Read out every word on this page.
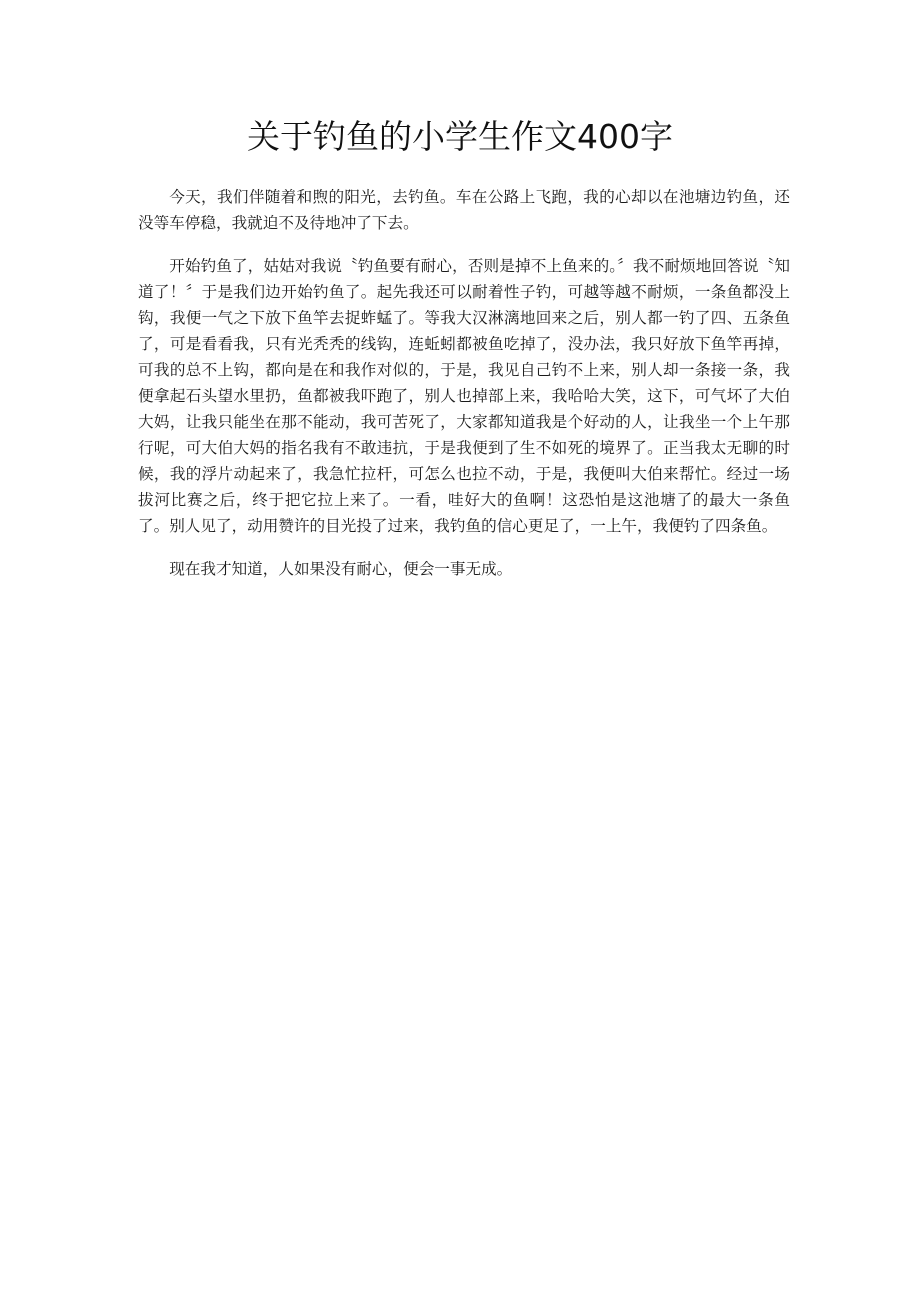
关于钓鱼的小学生作文400字

今天，我们伴随着和煦的阳光，去钓鱼。车在公路上飞跑，我的心却以在池塘边钓鱼，还没等车停稳，我就迫不及待地冲了下去。

开始钓鱼了，姑姑对我说〝钓鱼要有耐心，否则是掉不上鱼来的。〞我不耐烦地回答说〝知道了！〞于是我们边开始钓鱼了。起先我还可以耐着性子钓，可越等越不耐烦，一条鱼都没上钩，我便一气之下放下鱼竿去捉蚱蜢了。等我大汉淋漓地回来之后，别人都一钓了四、五条鱼了，可是看看我，只有光秃秃的线钩，连蚯蚓都被鱼吃掉了，没办法，我只好放下鱼竿再掉，可我的总不上钩，都向是在和我作对似的，于是，我见自己钓不上来，别人却一条接一条，我便拿起石头望水里扔，鱼都被我吓跑了，别人也掉部上来，我哈哈大笑，这下，可气坏了大伯大妈，让我只能坐在那不能动，我可苦死了，大家都知道我是个好动的人，让我坐一个上午那行呢，可大伯大妈的指名我有不敢违抗，于是我便到了生不如死的境界了。正当我太无聊的时候，我的浮片动起来了，我急忙拉杆，可怎么也拉不动，于是，我便叫大伯来帮忙。经过一场拔河比赛之后，终于把它拉上来了。一看，哇好大的鱼啊！这恐怕是这池塘了的最大一条鱼了。别人见了，动用赞许的目光投了过来，我钓鱼的信心更足了，一上午，我便钓了四条鱼。

现在我才知道，人如果没有耐心，便会一事无成。
